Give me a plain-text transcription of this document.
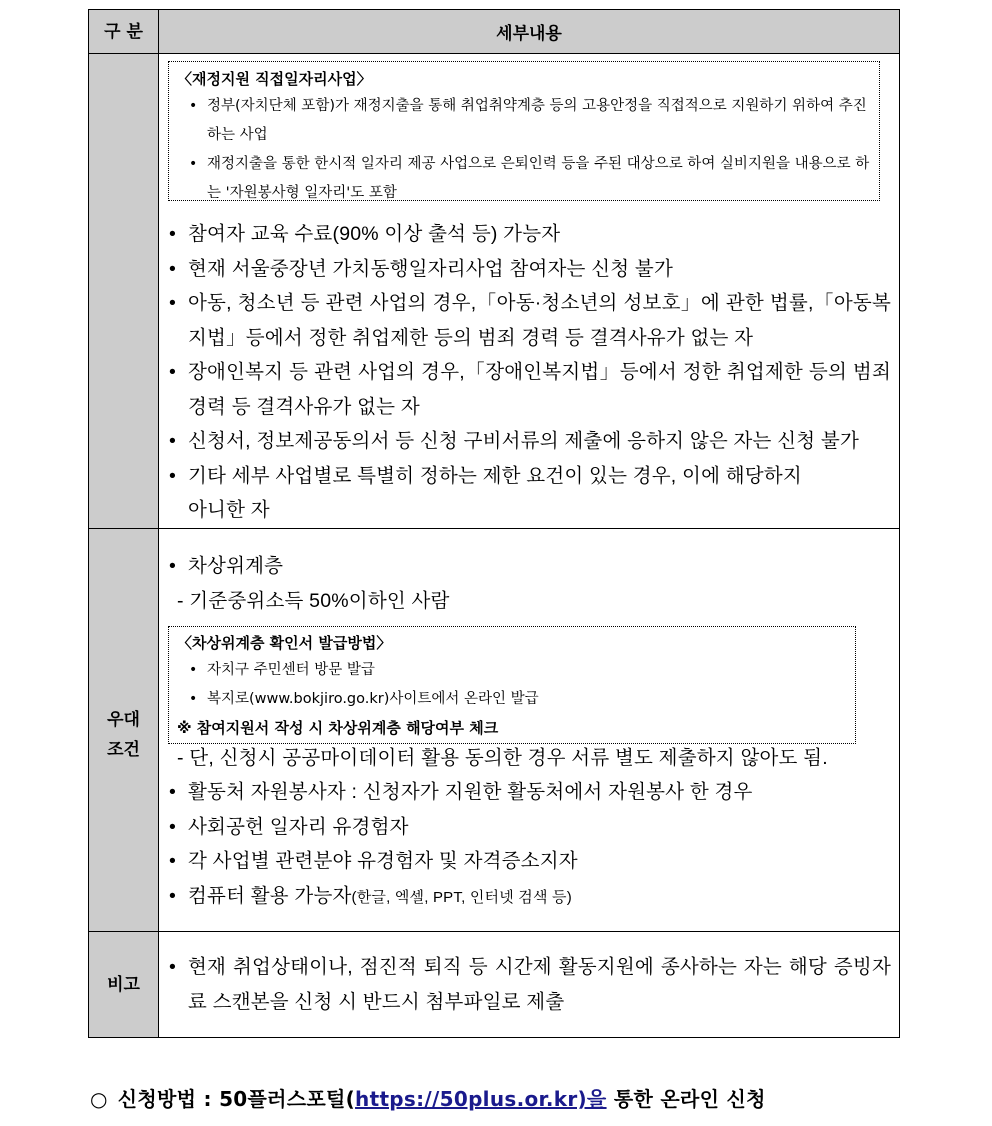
구 분	세부내용
〈재정지원 직접일자리사업〉
• 정부(자치단체 포함)가 재정지출을 통해 취업취약계층 등의 고용안정을 직접적으로 지원하기 위하여 추진하는 사업
• 재정지출을 통한 한시적 일자리 제공 사업으로 은퇴인력 등을 주된 대상으로 하여 실비지원을 내용으로 하는 '자원봉사형 일자리'도 포함
• 참여자 교육 수료(90% 이상 출석 등) 가능자
• 현재 서울중장년 가치동행일자리사업 참여자는 신청 불가
• 아동, 청소년 등 관련 사업의 경우,「아동·청소년의 성보호」에 관한 법률,「아동복지법」등에서 정한 취업제한 등의 범죄 경력 등 결격사유가 없는 자
• 장애인복지 등 관련 사업의 경우,「장애인복지법」등에서 정한 취업제한 등의 범죄 경력 등 결격사유가 없는 자
• 신청서, 정보제공동의서 등 신청 구비서류의 제출에 응하지 않은 자는 신청 불가
• 기타 세부 사업별로 특별히 정하는 제한 요건이 있는 경우, 이에 해당하지
아니한 자
우대
조건
• 차상위계층
- 기준중위소득 50%이하인 사람
〈차상위계층 확인서 발급방법〉
• 자치구 주민센터 방문 발급
• 복지로(www.bokjiro.go.kr)사이트에서 온라인 발급
※ 참여지원서 작성 시 차상위계층 해당여부 체크
- 단, 신청시 공공마이데이터 활용 동의한 경우 서류 별도 제출하지 않아도 됨.
• 활동처 자원봉사자 : 신청자가 지원한 활동처에서 자원봉사 한 경우
• 사회공헌 일자리 유경험자
• 각 사업별 관련분야 유경험자 및 자격증소지자
• 컴퓨터 활용 가능자(한글, 엑셀, PPT, 인터넷 검색 등)
비고
• 현재 취업상태이나, 점진적 퇴직 등 시간제 활동지원에 종사하는 자는 해당 증빙자료 스캔본을 신청 시 반드시 첨부파일로 제출
○ 신청방법 : 50플러스포털(https://50plus.or.kr)을 통한 온라인 신청
